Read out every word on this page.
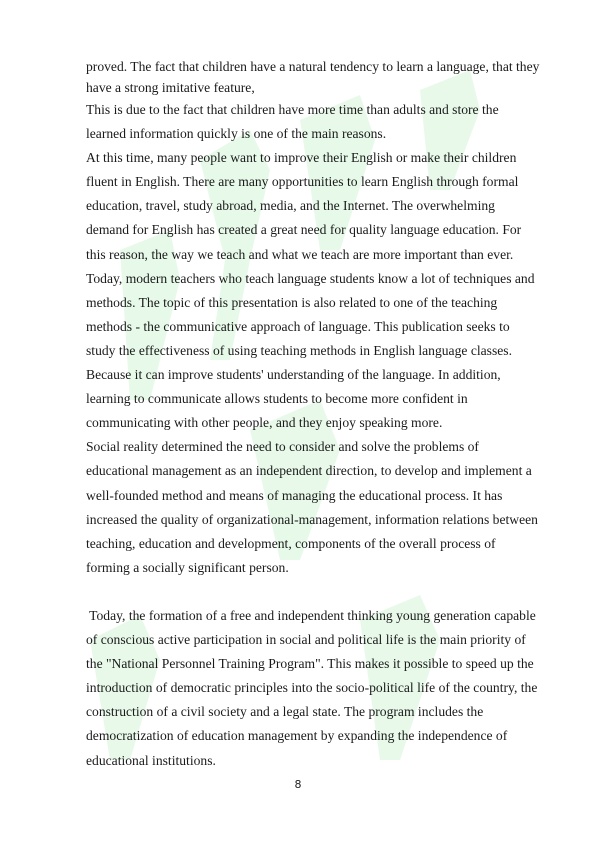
proved. The fact that children have a natural tendency to learn a language, that they
have a strong imitative feature,
This is due to the fact that children have more time than adults and store the
learned information quickly is one of the main reasons.
At this time, many people want to improve their English or make their children
fluent in English. There are many opportunities to learn English through formal
education, travel, study abroad, media, and the Internet. The overwhelming
demand for English has created a great need for quality language education. For
this reason, the way we teach and what we teach are more important than ever.
Today, modern teachers who teach language students know a lot of techniques and
methods. The topic of this presentation is also related to one of the teaching
methods - the communicative approach of language. This publication seeks to
study the effectiveness of using teaching methods in English language classes.
Because it can improve students' understanding of the language. In addition,
learning to communicate allows students to become more confident in
communicating with other people, and they enjoy speaking more.
Social reality determined the need to consider and solve the problems of
educational management as an independent direction, to develop and implement a
well-founded method and means of managing the educational process. It has
increased the quality of organizational-management, information relations between
teaching, education and development, components of the overall process of
forming a socially significant person.
Today, the formation of a free and independent thinking young generation capable
of conscious active participation in social and political life is the main priority of
the "National Personnel Training Program". This makes it possible to speed up the
introduction of democratic principles into the socio-political life of the country, the
construction of a civil society and a legal state. The program includes the
democratization of education management by expanding the independence of
educational institutions.
8
